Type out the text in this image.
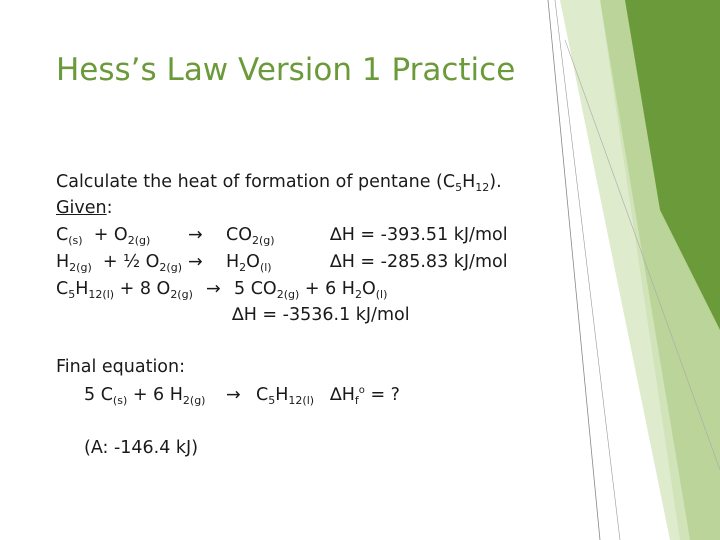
Hess’s Law Version 1 Practice
Calculate the heat of formation of pentane $(C_5H_{12})$.
Given:
$C_{(s)} + O_{2(g)} \to CO_{2(g)}$	∆H = -393.51 kJ/mol
$H_{2(g)}$ + ½ $O_{2(g)} \to H_2O_{(l)}$	∆H = -285.83 kJ/mol
$C_5H_{12(l)} + 8$ $O_{2(g)} \to 5$ $CO_{2(g)} + 6$ $H_2O_{(l)}$
∆H = -3536.1 kJ/mol
Final equation:
5 $C_{(s)} + 6$ $H_{2(g)} \to C_5H_{12(l)}$ $\Delta H_f^o$ = ?
(A: -146.4 kJ)
